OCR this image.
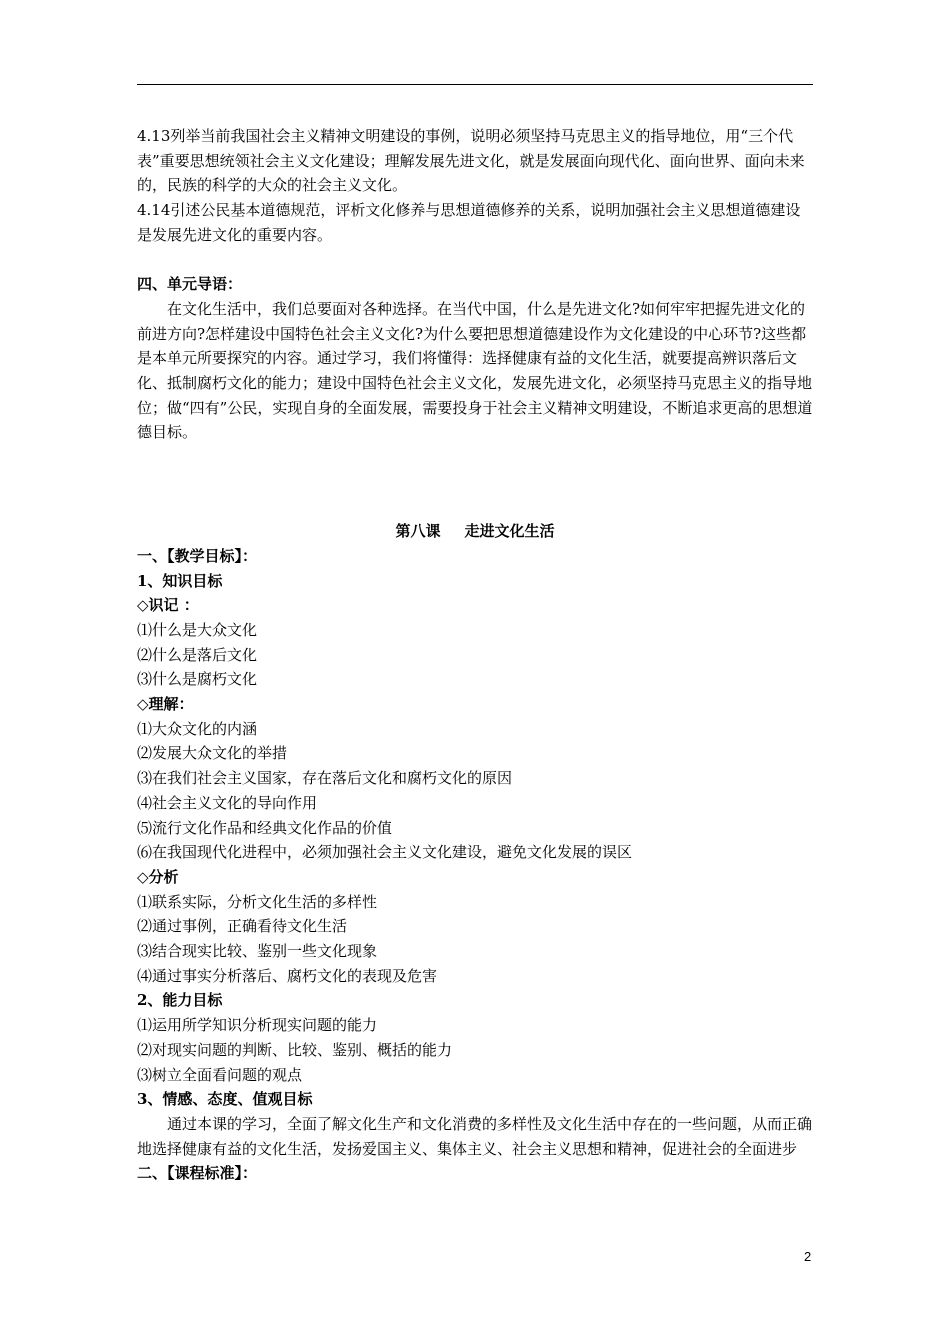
4.13列举当前我国社会主义精神文明建设的事例，说明必须坚持马克思主义的指导地位，用“三个代表”重要思想统领社会主义文化建设；理解发展先进文化，就是发展面向现代化、面向世界、面向未来的，民族的科学的大众的社会主义文化。

4.14引述公民基本道德规范，评析文化修养与思想道德修养的关系，说明加强社会主义思想道德建设是发展先进文化的重要内容。

四、单元导语：

在文化生活中，我们总要面对各种选择。在当代中国，什么是先进文化?如何牢牢把握先进文化的前进方向?怎样建设中国特色社会主义文化?为什么要把思想道德建设作为文化建设的中心环节?这些都是本单元所要探究的内容。通过学习，我们将懂得：选择健康有益的文化生活，就要提高辨识落后文化、抵制腐朽文化的能力；建设中国特色社会主义文化，发展先进文化，必须坚持马克思主义的指导地位；做“四有”公民，实现自身的全面发展，需要投身于社会主义精神文明建设，不断追求更高的思想道德目标。

第八课 走进文化生活

一、【教学目标】：

1、知识目标

◇识记 ：

⑴什么是大众文化

⑵什么是落后文化

⑶什么是腐朽文化

◇理解：

⑴大众文化的内涵

⑵发展大众文化的举措

⑶在我们社会主义国家，存在落后文化和腐朽文化的原因

⑷社会主义文化的导向作用

⑸流行文化作品和经典文化作品的价值

⑹在我国现代化进程中，必须加强社会主义文化建设，避免文化发展的误区

◇分析

⑴联系实际，分析文化生活的多样性

⑵通过事例，正确看待文化生活

⑶结合现实比较、鉴别一些文化现象

⑷通过事实分析落后、腐朽文化的表现及危害

2、能力目标

⑴运用所学知识分析现实问题的能力

⑵对现实问题的判断、比较、鉴别、概括的能力

⑶树立全面看问题的观点

3、情感、态度、值观目标

通过本课的学习，全面了解文化生产和文化消费的多样性及文化生活中存在的一些问题，从而正确地选择健康有益的文化生活，发扬爱国主义、集体主义、社会主义思想和精神，促进社会的全面进步

二、【课程标准】：

2
